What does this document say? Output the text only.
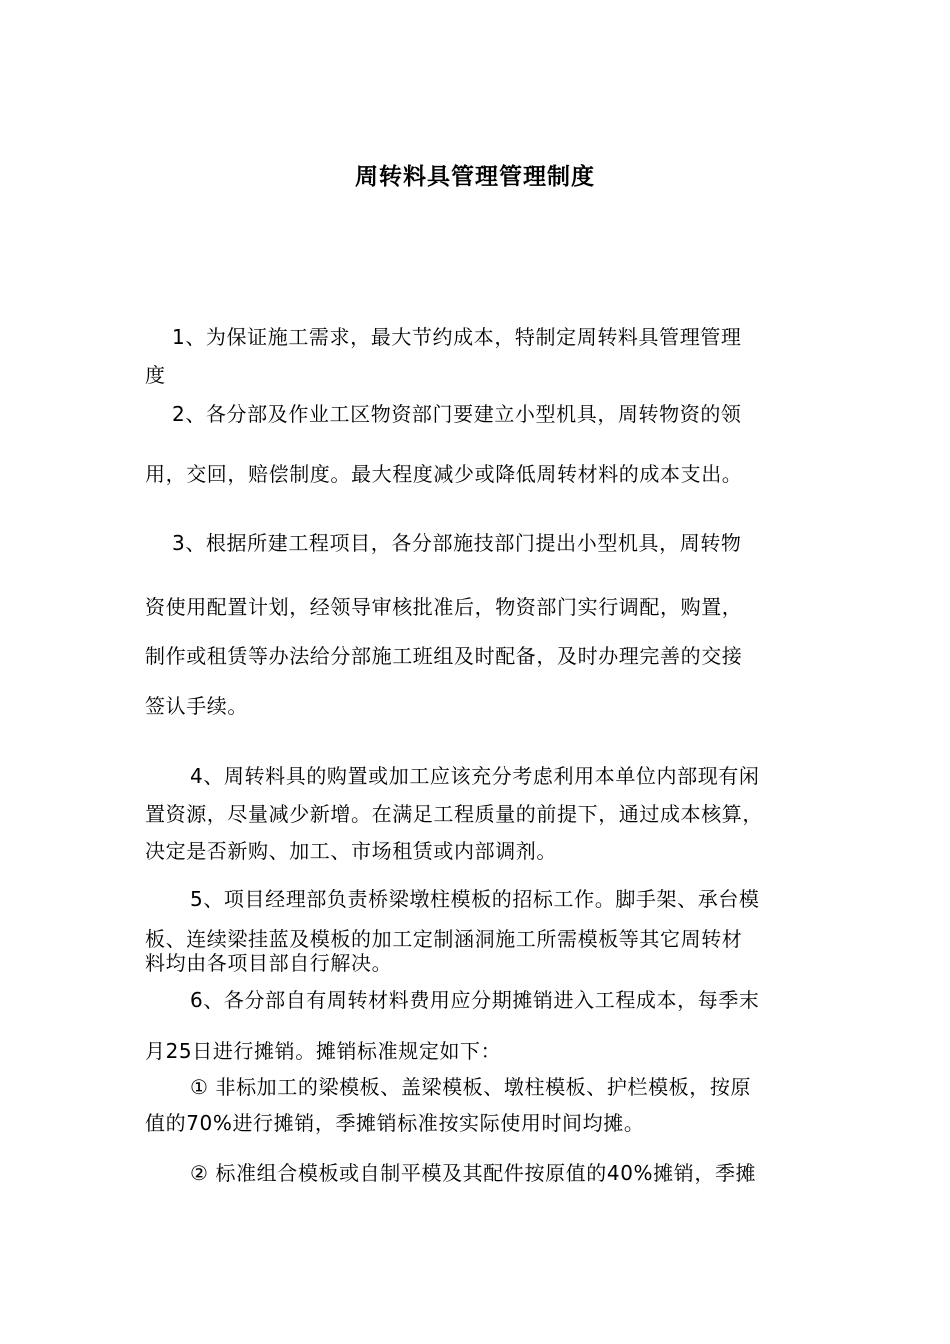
周转料具管理管理制度
1、为保证施工需求，最大节约成本，特制定周转料具管理管理
度
2、各分部及作业工区物资部门要建立小型机具，周转物资的领
用，交回，赔偿制度。最大程度减少或降低周转材料的成本支出。
3、根据所建工程项目，各分部施技部门提出小型机具，周转物
资使用配置计划，经领导审核批准后，物资部门实行调配，购置，
制作或租赁等办法给分部施工班组及时配备，及时办理完善的交接
签认手续。
4、周转料具的购置或加工应该充分考虑利用本单位内部现有闲
置资源，尽量减少新增。在满足工程质量的前提下，通过成本核算，
决定是否新购、加工、市场租赁或内部调剂。
5、项目经理部负责桥梁墩柱模板的招标工作。脚手架、承台模
板、连续梁挂蓝及模板的加工定制涵洞施工所需模板等其它周转材
料均由各项目部自行解决。
6、各分部自有周转材料费用应分期摊销进入工程成本，每季末
月25日进行摊销。摊销标准规定如下：
① 非标加工的梁模板、盖梁模板、墩柱模板、护栏模板，按原
值的70%进行摊销，季摊销标准按实际使用时间均摊。
② 标准组合模板或自制平模及其配件按原值的40%摊销，季摊
